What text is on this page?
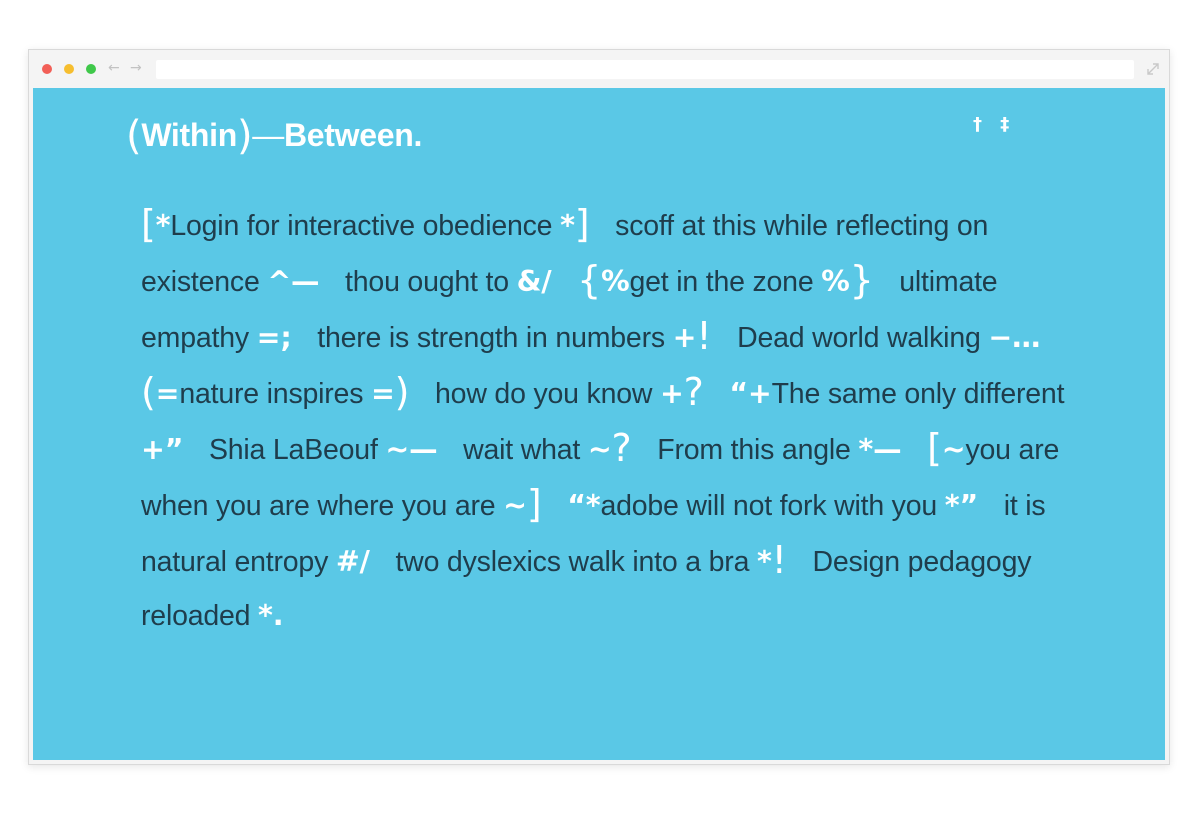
← →
(Within)—Between.	† ‡
[*Login for interactive obedience *] scoff at this while reflecting on existence ^— thou ought to &/ {%get in the zone %} ultimate empathy =; there is strength in numbers +! Dead world walking −… (=nature inspires =) how do you know +? “+The same only different +” Shia LaBeouf ~— wait what ~? From this angle *— [~you are when you are where you are ~] “*adobe will not fork with you *” it is natural entropy #/ two dyslexics walk into a bra *! Design pedagogy reloaded *.
